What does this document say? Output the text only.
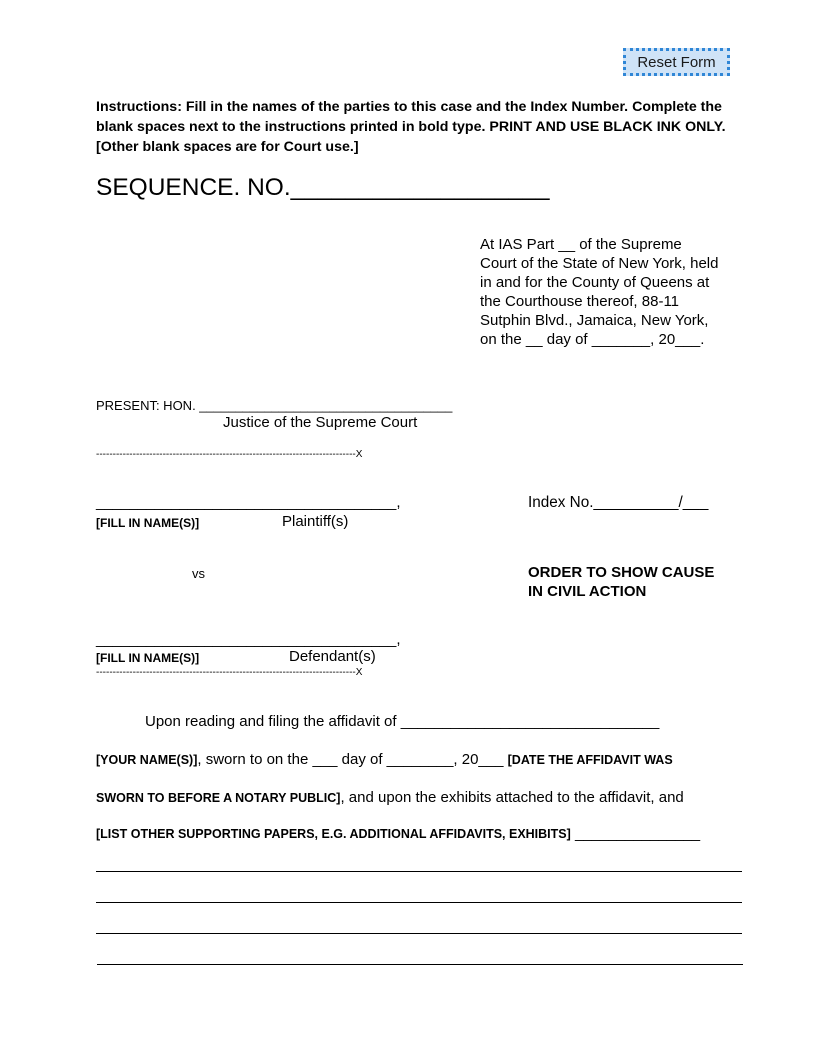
Reset Form
Instructions: Fill in the names of the parties to this case and the Index Number. Complete the blank spaces next to the instructions printed in bold type. PRINT AND USE BLACK INK ONLY. [Other blank spaces are for Court use.]
SEQUENCE. NO.___________________
At IAS Part __ of the Supreme Court of the State of New York, held in and for the County of Queens at the Courthouse thereof, 88-11 Sutphin Blvd., Jamaica, New York, on the __ day of _______, 20___.
PRESENT: HON. ___________________________________
Justice of the Supreme Court
------------------------------------------------------------------------------X
____________________________________,
[FILL IN NAME(S)]	Plaintiff(s)
Index No.__________/___
vs	ORDER TO SHOW CAUSE
IN CIVIL ACTION
____________________________________,
[FILL IN NAME(S)]	Defendant(s)
------------------------------------------------------------------------------X
Upon reading and filing the affidavit of _______________________________
[YOUR NAME(S)], sworn to on the ___ day of ________, 20___ [DATE THE AFFIDAVIT WAS
SWORN TO BEFORE A NOTARY PUBLIC], and upon the exhibits attached to the affidavit, and
[LIST OTHER SUPPORTING PAPERS, E.G. ADDITIONAL AFFIDAVITS, EXHIBITS] _______________
